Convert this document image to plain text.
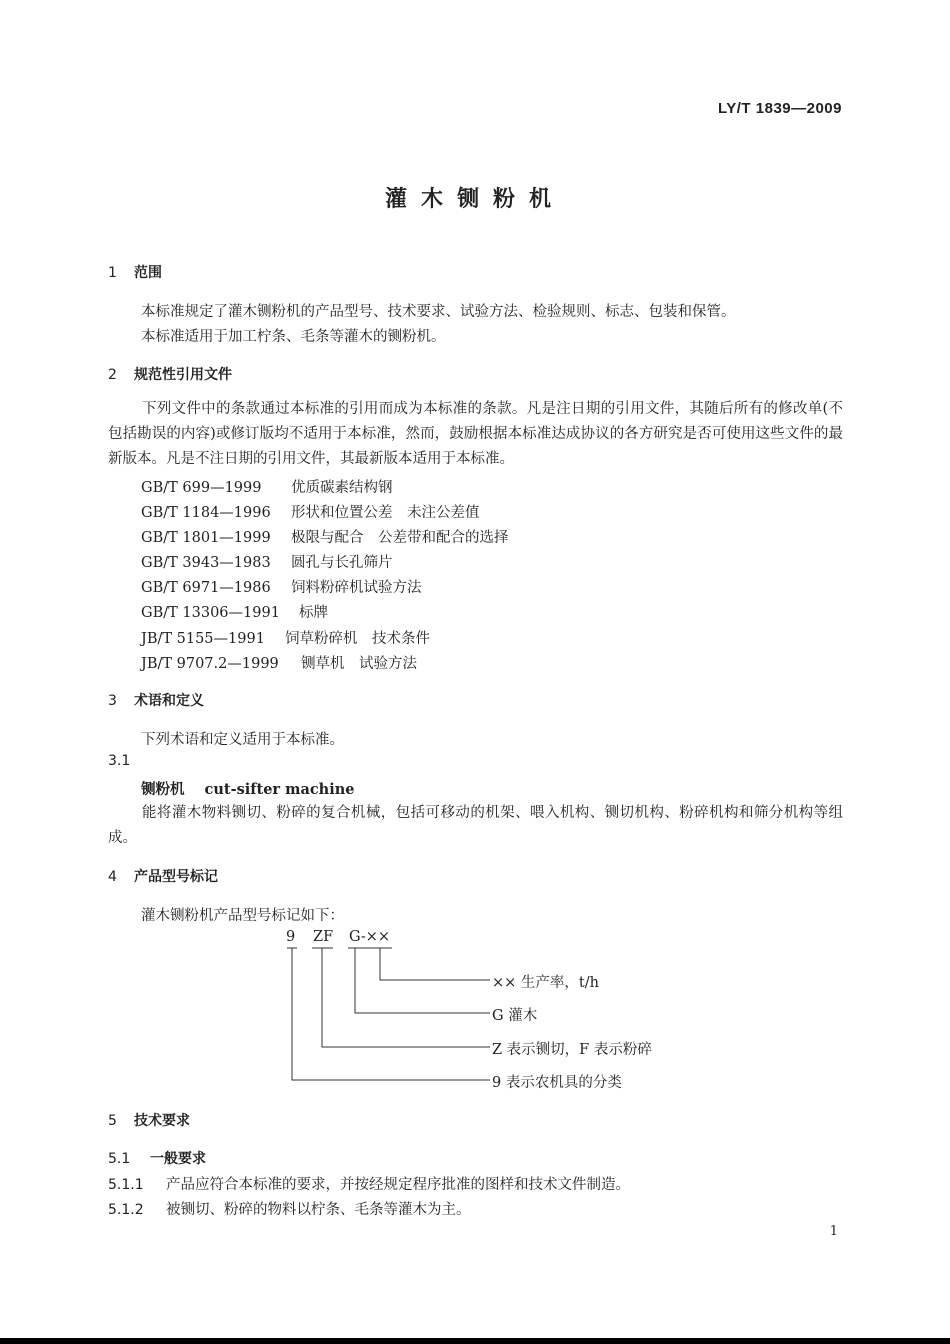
LY/T 1839—2009
灌木铡粉机
1 范围
本标准规定了灌木铡粉机的产品型号、技术要求、试验方法、检验规则、标志、包装和保管。
本标准适用于加工柠条、毛条等灌木的铡粉机。
2 规范性引用文件
下列文件中的条款通过本标准的引用而成为本标准的条款。凡是注日期的引用文件，其随后所有的修改单(不包括勘误的内容)或修订版均不适用于本标准，然而，鼓励根据本标准达成协议的各方研究是否可使用这些文件的最新版本。凡是不注日期的引用文件，其最新版本适用于本标准。
GB/T 699—1999 优质碳素结构钢
GB/T 1184—1996 形状和位置公差　未注公差值
GB/T 1801—1999 极限与配合　公差带和配合的选择
GB/T 3943—1983 圆孔与长孔筛片
GB/T 6971—1986 饲料粉碎机试验方法
GB/T 13306—1991 标牌
JB/T 5155—1991 饲草粉碎机　技术条件
JB/T 9707.2—1999 铡草机　试验方法
3 术语和定义
下列术语和定义适用于本标准。
3.1
铡粉机 cut-sifter machine
能将灌木物料铡切、粉碎的复合机械，包括可移动的机架、喂入机构、铡切机构、粉碎机构和筛分机构等组成。
4 产品型号标记
灌木铡粉机产品型号标记如下：
9 ZF G-××
×× 生产率，t/h
G 灌木
Z 表示铡切，F 表示粉碎
9 表示农机具的分类
5 技术要求
5.1 一般要求
5.1.1 产品应符合本标准的要求，并按经规定程序批准的图样和技术文件制造。
5.1.2 被铡切、粉碎的物料以柠条、毛条等灌木为主。
1
